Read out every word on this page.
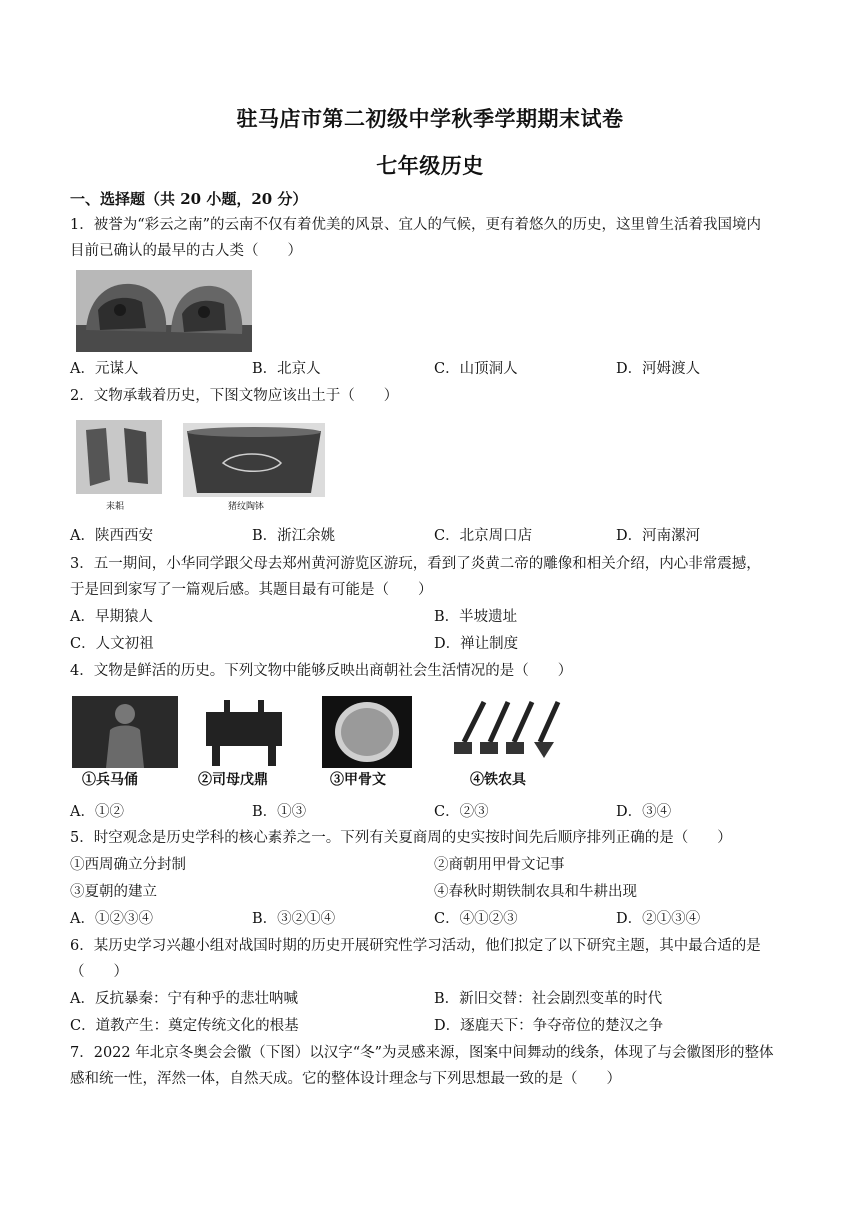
驻马店市第二初级中学秋季学期期末试卷
七年级历史
一、选择题（共 20 小题，20 分）
1．被誉为“彩云之南”的云南不仅有着优美的风景、宜人的气候，更有着悠久的历史，这里曾生活着我国境内
目前已确认的最早的古人类（　　）
A．元谋人	B．北京人	C．山顶洞人	D．河姆渡人
2．文物承载着历史，下图文物应该出土于（　　）
耒耜	猪纹陶钵
A．陕西西安	B．浙江余姚	C．北京周口店	D．河南漯河
3．五一期间，小华同学跟父母去郑州黄河游览区游玩，看到了炎黄二帝的雕像和相关介绍，内心非常震撼，
于是回到家写了一篇观后感。其题目最有可能是（　　）
A．早期猿人	B．半坡遗址
C．人文初祖	D．禅让制度
4．文物是鲜活的历史。下列文物中能够反映出商朝社会生活情况的是（　　）
①兵马俑	②司母戊鼎	③甲骨文	④铁农具
A．①②	B．①③	C．②③	D．③④
5．时空观念是历史学科的核心素养之一。下列有关夏商周的史实按时间先后顺序排列正确的是（　　）
①西周确立分封制	②商朝用甲骨文记事
③夏朝的建立	④春秋时期铁制农具和牛耕出现
A．①②③④	B．③②①④	C．④①②③	D．②①③④
6．某历史学习兴趣小组对战国时期的历史开展研究性学习活动，他们拟定了以下研究主题，其中最合适的是
（　　）
A．反抗暴秦：宁有种乎的悲壮呐喊	B．新旧交替：社会剧烈变革的时代
C．道教产生：奠定传统文化的根基	D．逐鹿天下：争夺帝位的楚汉之争
7．2022 年北京冬奥会会徽（下图）以汉字“冬”为灵感来源，图案中间舞动的线条，体现了与会徽图形的整体
感和统一性，浑然一体，自然天成。它的整体设计理念与下列思想最一致的是（　　）
